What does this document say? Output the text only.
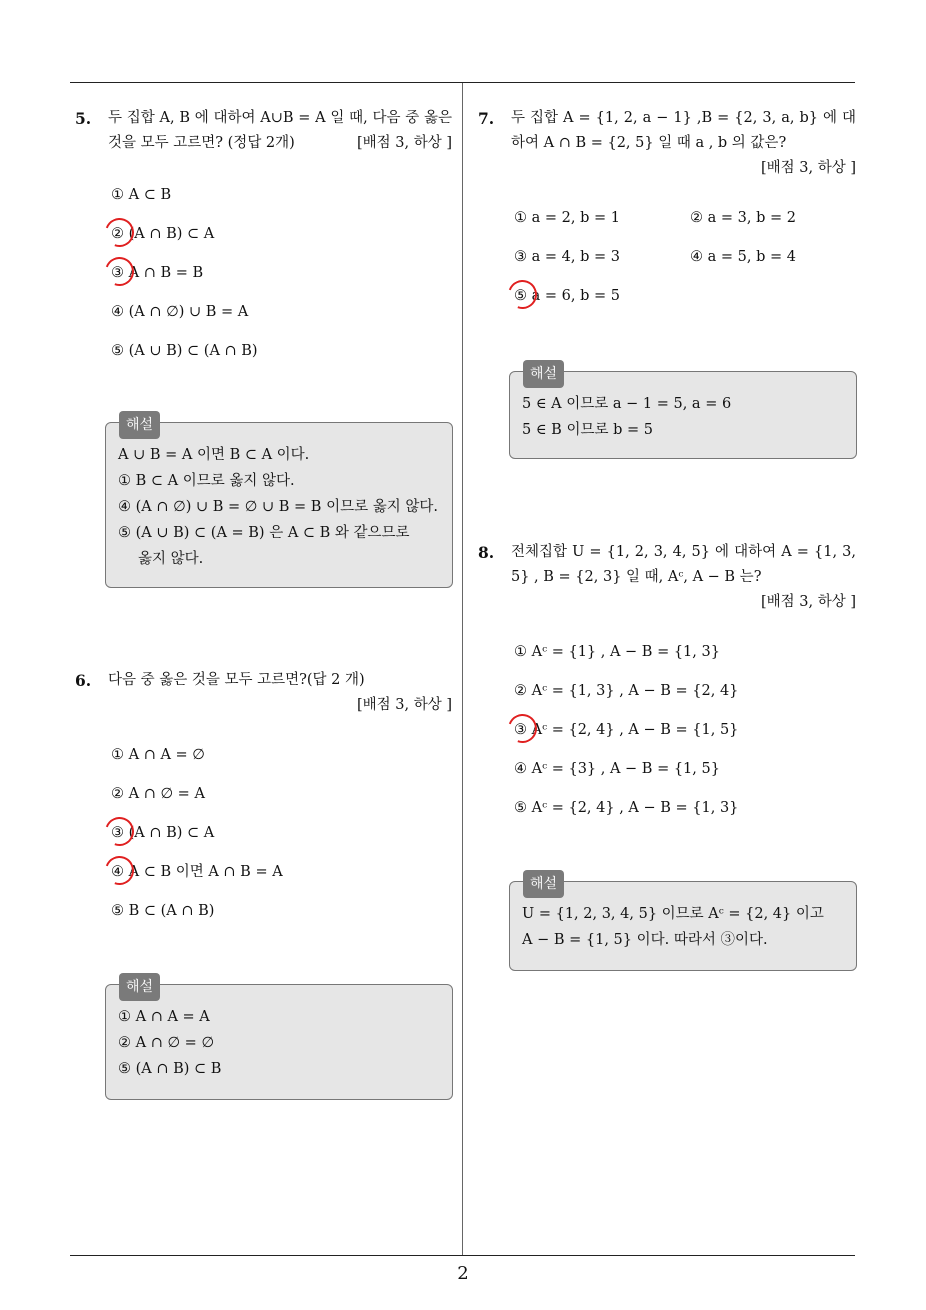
2
5. 두 집합 A, B 에 대하여 A∪B = A 일 때, 다음 중 옳은 것을 모두 고르면? (정답 2개)	[배점 3, 하상 ]
① A ⊂ B
② (A ∩ B) ⊂ A
③ A ∩ B = B
④ (A ∩ ∅) ∪ B = A
⑤ (A ∪ B) ⊂ (A ∩ B)
해설
A ∪ B = A 이면 B ⊂ A 이다.
① B ⊂ A 이므로 옳지 않다.
④ (A ∩ ∅) ∪ B = ∅ ∪ B = B 이므로 옳지 않다.
⑤ (A ∪ B) ⊂ (A = B) 은 A ⊂ B 와 같으므로
옳지 않다.
6. 다음 중 옳은 것을 모두 고르면?(답 2 개)
[배점 3, 하상 ]
① A ∩ A = ∅
② A ∩ ∅ = A
③ (A ∩ B) ⊂ A
④ A ⊂ B 이면 A ∩ B = A
⑤ B ⊂ (A ∩ B)
해설
① A ∩ A = A
② A ∩ ∅ = ∅
⑤ (A ∩ B) ⊂ B
7. 두 집합 A = {1, 2, a − 1} ,B = {2, 3, a, b} 에 대하여 A ∩ B = {2, 5} 일 때 a , b 의 값은?
[배점 3, 하상 ]
① a = 2, b = 1	② a = 3, b = 2
③ a = 4, b = 3	④ a = 5, b = 4
⑤ a = 6, b = 5
해설
5 ∈ A 이므로 a − 1 = 5, a = 6
5 ∈ B 이므로 b = 5
8. 전체집합 U = {1, 2, 3, 4, 5} 에 대하여 A = {1, 3, 5} , B = {2, 3} 일 때, Aᶜ, A − B 는?
[배점 3, 하상 ]
① Aᶜ = {1} , A − B = {1, 3}
② Aᶜ = {1, 3} , A − B = {2, 4}
③ Aᶜ = {2, 4} , A − B = {1, 5}
④ Aᶜ = {3} , A − B = {1, 5}
⑤ Aᶜ = {2, 4} , A − B = {1, 3}
해설
U = {1, 2, 3, 4, 5} 이므로 Aᶜ = {2, 4} 이고
A − B = {1, 5} 이다. 따라서 ③이다.
